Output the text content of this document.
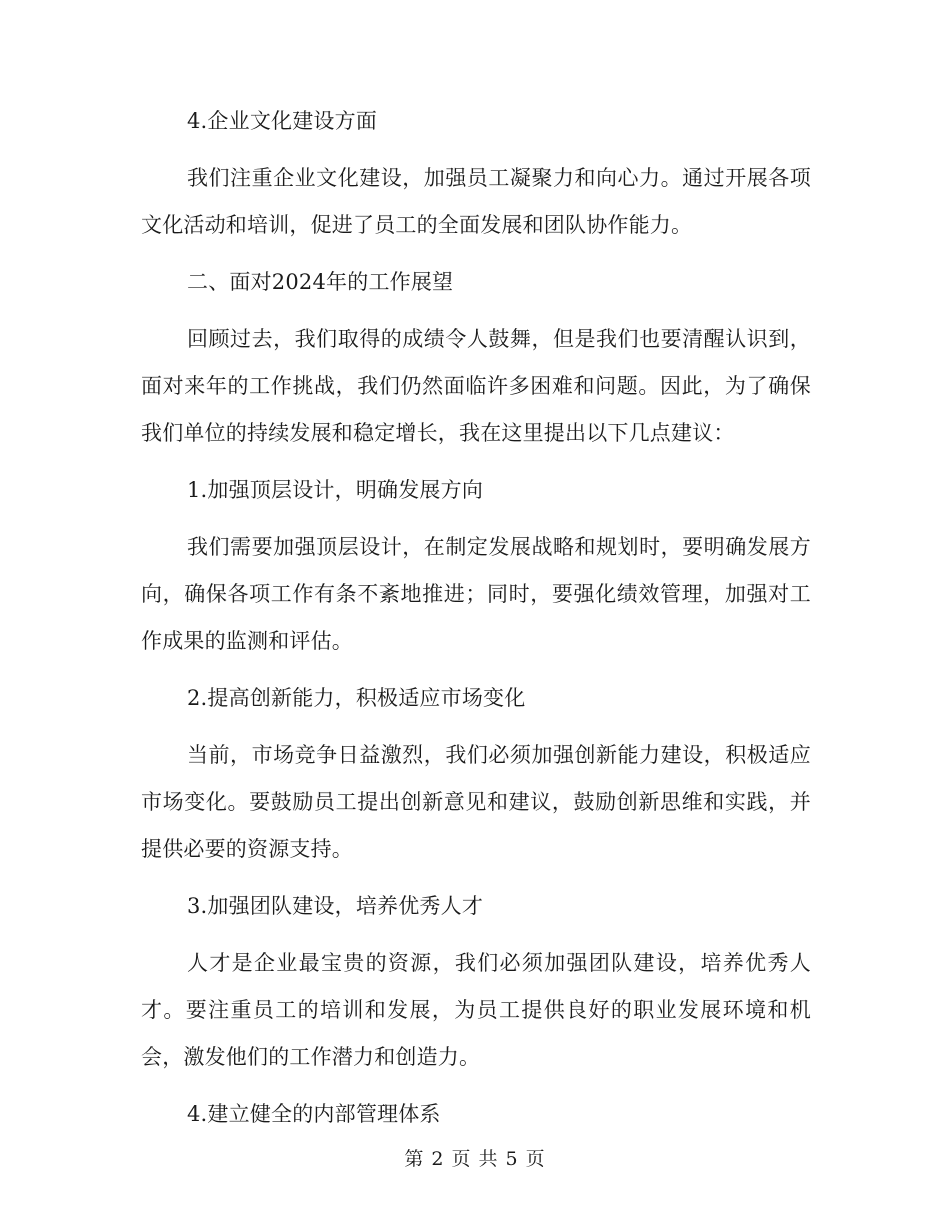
4.企业文化建设方面

我们注重企业文化建设，加强员工凝聚力和向心力。通过开展各项文化活动和培训，促进了员工的全面发展和团队协作能力。

二、面对2024年的工作展望

回顾过去，我们取得的成绩令人鼓舞，但是我们也要清醒认识到，面对来年的工作挑战，我们仍然面临许多困难和问题。因此，为了确保我们单位的持续发展和稳定增长，我在这里提出以下几点建议：

1.加强顶层设计，明确发展方向

我们需要加强顶层设计，在制定发展战略和规划时，要明确发展方向，确保各项工作有条不紊地推进；同时，要强化绩效管理，加强对工作成果的监测和评估。

2.提高创新能力，积极适应市场变化

当前，市场竞争日益激烈，我们必须加强创新能力建设，积极适应市场变化。要鼓励员工提出创新意见和建议，鼓励创新思维和实践，并提供必要的资源支持。

3.加强团队建设，培养优秀人才

人才是企业最宝贵的资源，我们必须加强团队建设，培养优秀人才。要注重员工的培训和发展，为员工提供良好的职业发展环境和机会，激发他们的工作潜力和创造力。

4.建立健全的内部管理体系

第 2 页 共 5 页
